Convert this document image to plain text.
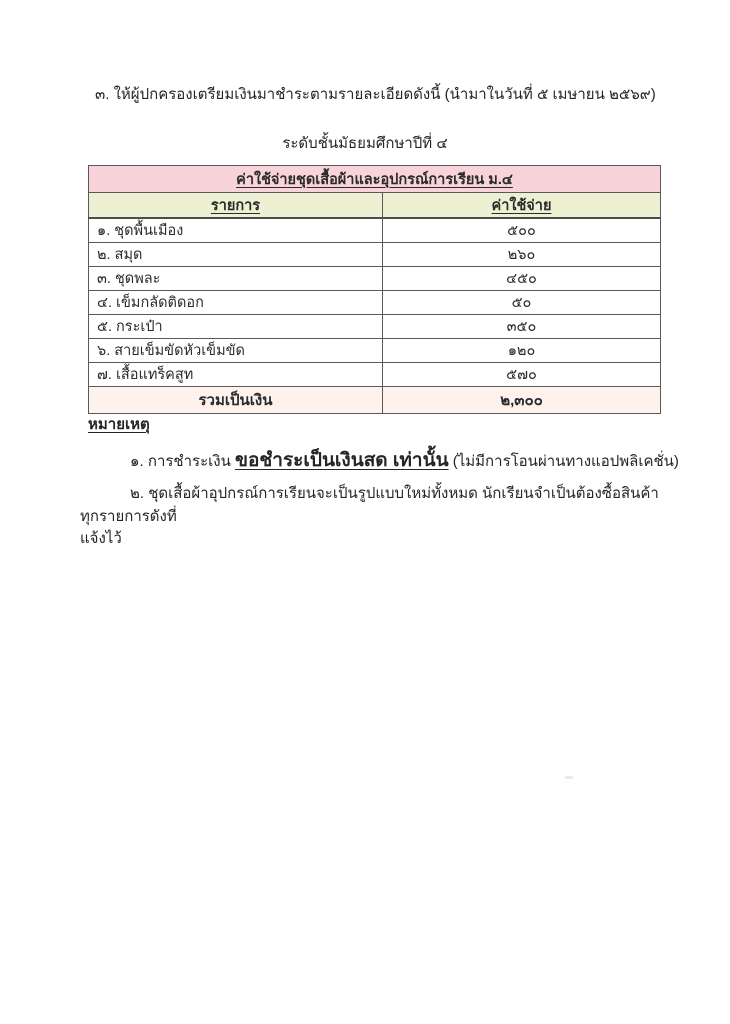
๓. ให้ผู้ปกครองเตรียมเงินมาชำระตามรายละเอียดดังนี้ (นำมาในวันที่ ๕ เมษายน ๒๕๖๙)
ระดับชั้นมัธยมศึกษาปีที่ ๔
ค่าใช้จ่ายชุดเสื้อผ้าและอุปกรณ์การเรียน ม.๔	
รายการ	ค่าใช้จ่าย
๑. ชุดพื้นเมือง	๕๐๐
๒. สมุด	๒๖๐
๓. ชุดพละ	๔๕๐
๔. เข็มกลัดติดอก	๕๐
๕. กระเป๋า	๓๕๐
๖. สายเข็มขัดหัวเข็มขัด	๑๒๐
๗. เสื้อแทร็คสูท	๕๗๐
รวมเป็นเงิน	๒,๓๐๐
หมายเหตุ
๑. การชำระเงิน ขอชำระเป็นเงินสด เท่านั้น (ไม่มีการโอนผ่านทางแอปพลิเคชั่น)
๒. ชุดเสื้อผ้าอุปกรณ์การเรียนจะเป็นรูปแบบใหม่ทั้งหมด นักเรียนจำเป็นต้องซื้อสินค้าทุกรายการดังที่
แจ้งไว้
